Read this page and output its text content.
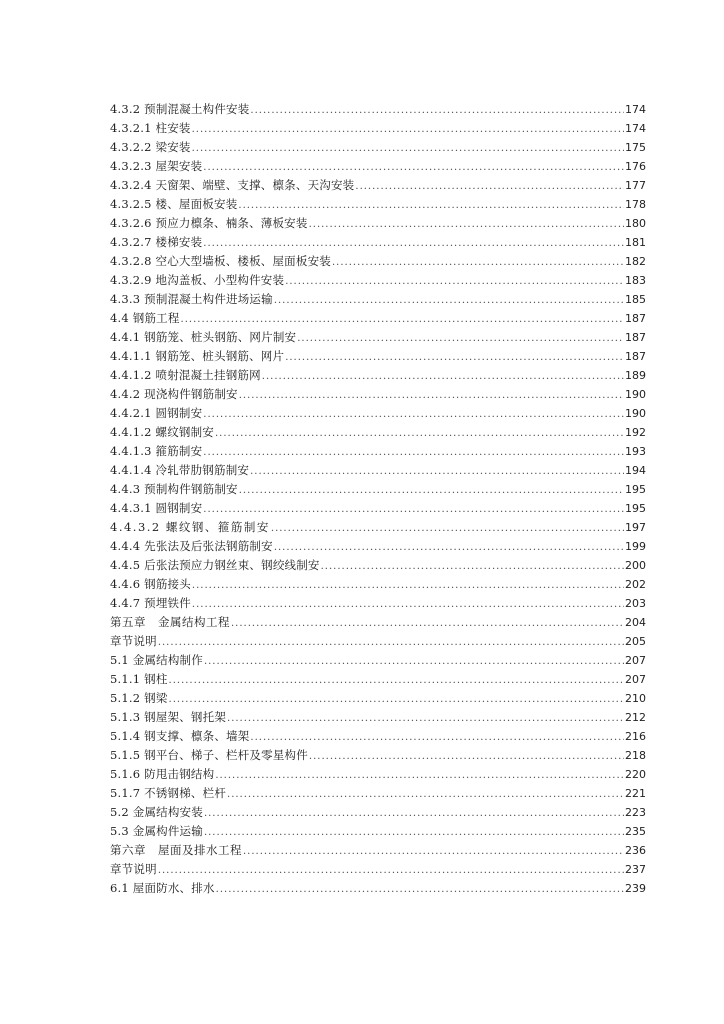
4.3.2 预制混凝土构件安装 .....	174
4.3.2.1 柱安装 .....	174
4.3.2.2 梁安装 .....	175
4.3.2.3 屋架安装 .....	176
4.3.2.4 天窗架、端壁、支撑、檩条、天沟安装 .....	177
4.3.2.5 楼、屋面板安装 .....	178
4.3.2.6 预应力檩条、楠条、薄板安装 .....	180
4.3.2.7 楼梯安装 .....	181
4.3.2.8 空心大型墙板、楼板、屋面板安装 .....	182
4.3.2.9 地沟盖板、小型构件安装 .....	183
4.3.3 预制混凝土构件进场运输 .....	185
4.4 钢筋工程 .....	187
4.4.1 钢筋笼、桩头钢筋、网片制安 .....	187
4.4.1.1 钢筋笼、桩头钢筋、网片 .....	187
4.4.1.2 喷射混凝土挂钢筋网 .....	189
4.4.2 现浇构件钢筋制安 .....	190
4.4.2.1 圆钢制安 .....	190
4.4.1.2 螺纹钢制安 .....	192
4.4.1.3 箍筋制安 .....	193
4.4.1.4 冷轧带肋钢筋制安 .....	194
4.4.3 预制构件钢筋制安 .....	195
4.4.3.1 圆钢制安 .....	195
4.4.3.2 螺纹钢、箍筋制安 .....	197
4.4.4 先张法及后张法钢筋制安 .....	199
4.4.5 后张法预应力钢丝束、钢绞线制安 .....	200
4.4.6 钢筋接头 .....	202
4.4.7 预埋铁件 .....	203
第五章　金属结构工程 .....	204
章节说明 .....	205
5.1 金属结构制作 .....	207
5.1.1 钢柱 .....	207
5.1.2 钢梁 .....	210
5.1.3 钢屋架、钢托架 .....	212
5.1.4 钢支撑、檩条、墙架 .....	216
5.1.5 钢平台、梯子、栏杆及零星构件 .....	218
5.1.6 防甩击钢结构 .....	220
5.1.7 不锈钢梯、栏杆 .....	221
5.2 金属结构安装 .....	223
5.3 金属构件运输 .....	235
第六章　屋面及排水工程 .....	236
章节说明 .....	237
6.1 屋面防水、排水 .....	239
